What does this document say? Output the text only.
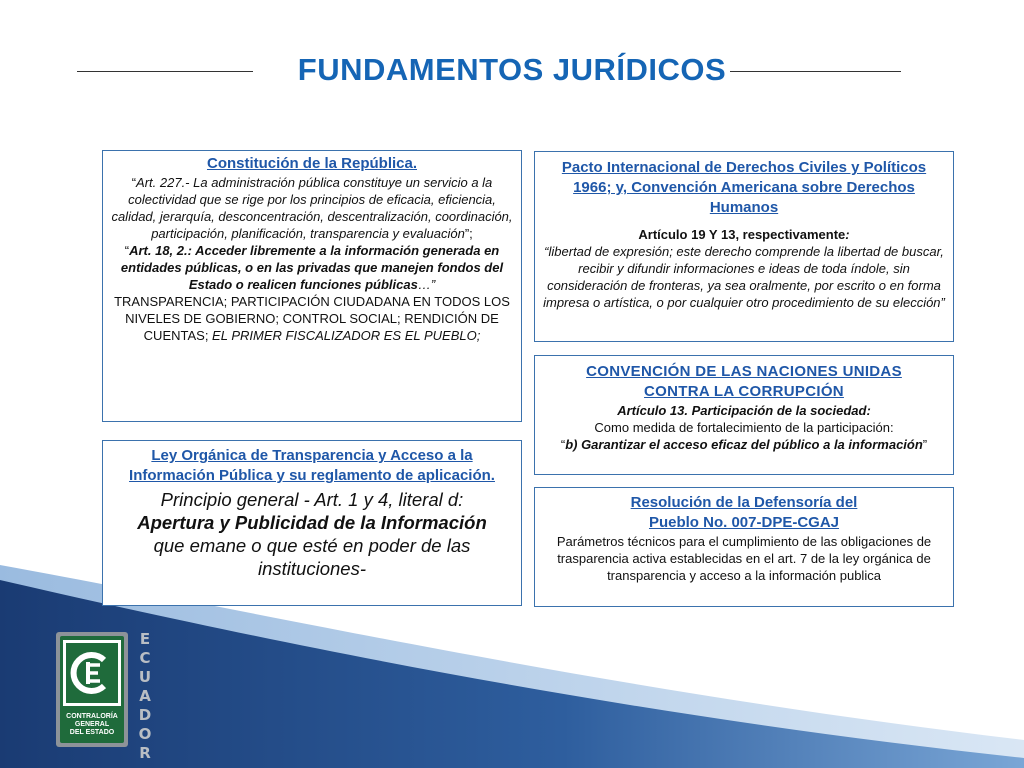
FUNDAMENTOS JURÍDICOS
Constitución de la República.
“Art. 227.- La administración pública constituye un servicio a la colectividad que se rige por los principios de eficacia, eficiencia, calidad, jerarquía, desconcentración, descentralización, coordinación, participación, planificación, transparencia y evaluación”;
“Art. 18, 2.: Acceder libremente a la información generada en entidades públicas, o en las privadas que manejen fondos del Estado o realicen funciones públicas…”
TRANSPARENCIA; PARTICIPACIÓN CIUDADANA EN TODOS LOS NIVELES DE GOBIERNO; CONTROL SOCIAL; RENDICIÓN DE CUENTAS; EL PRIMER FISCALIZADOR ES EL PUEBLO;
Ley Orgánica de Transparencia y Acceso a la Información Pública y su reglamento de aplicación.
Principio general - Art. 1 y 4, literal d:
Apertura y Publicidad de la Información
que emane o que esté en poder de las instituciones-
Pacto Internacional de Derechos Civiles y Políticos 1966; y, Convención Americana sobre Derechos Humanos
Artículo 19 Y 13, respectivamente:
“libertad de expresión; este derecho comprende la libertad de buscar, recibir y difundir informaciones e ideas de toda índole, sin consideración de fronteras, ya sea oralmente, por escrito o en forma impresa o artística, o por cualquier otro procedimiento de su elección”
CONVENCIÓN DE LAS NACIONES UNIDAS CONTRA LA CORRUPCIÓN
Artículo 13. Participación de la sociedad:
Como medida de fortalecimiento de la participación:
“b) Garantizar el acceso eficaz del público a la información”
Resolución de la Defensoría del Pueblo No. 007-DPE-CGAJ
Parámetros técnicos para el cumplimiento de las obligaciones de trasparencia activa establecidas en el art. 7 de la ley orgánica de transparencia y acceso a la información publica
CONTRALORÍA
GENERAL
DEL ESTADO
E
C
U
A
D
O
R
